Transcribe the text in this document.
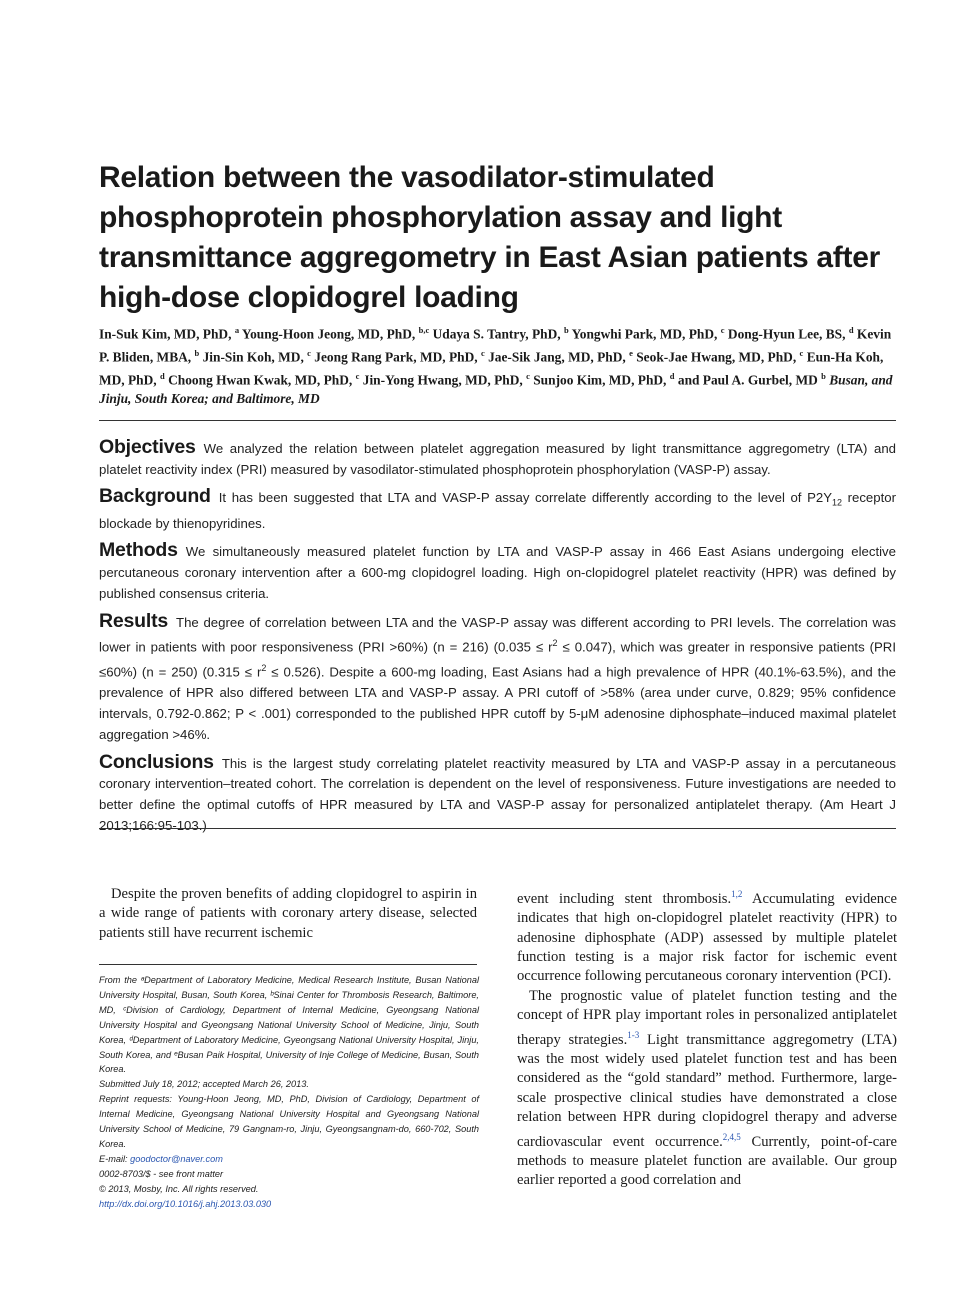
Relation between the vasodilator-stimulated phosphoprotein phosphorylation assay and light transmittance aggregometry in East Asian patients after high-dose clopidogrel loading
In-Suk Kim, MD, PhD, $^a$ Young-Hoon Jeong, MD, PhD, $^{b,c}$ Udaya S. Tantry, PhD, $^b$ Yongwhi Park, MD, PhD, $^c$ Dong-Hyun Lee, BS, $^d$ Kevin P. Bliden, MBA, $^b$ Jin-Sin Koh, MD, $^c$ Jeong Rang Park, MD, PhD, $^c$ Jae-Sik Jang, MD, PhD, $^e$ Seok-Jae Hwang, MD, PhD, $^c$ Eun-Ha Koh, MD, PhD, $^d$ Choong Hwan Kwak, MD, PhD, $^c$ Jin-Yong Hwang, MD, PhD, $^c$ Sunjoo Kim, MD, PhD, $^d$ and Paul A. Gurbel, MD $^b$ Busan, and Jinju, South Korea; and Baltimore, MD

Objectives We analyzed the relation between platelet aggregation measured by light transmittance aggregometry (LTA) and platelet reactivity index (PRI) measured by vasodilator-stimulated phosphoprotein phosphorylation (VASP-P) assay.

Background It has been suggested that LTA and VASP-P assay correlate differently according to the level of $P2Y_{12}$ receptor blockade by thienopyridines.

Methods We simultaneously measured platelet function by LTA and VASP-P assay in 466 East Asians undergoing elective percutaneous coronary intervention after a 600-mg clopidogrel loading. High on-clopidogrel platelet reactivity (HPR) was defined by published consensus criteria.

Results The degree of correlation between LTA and the VASP-P assay was different according to PRI levels. The correlation was lower in patients with poor responsiveness (PRI >60%) (n = 216) $(0.035 \le r^2 \le 0.047)$, which was greater in responsive patients (PRI ≤60%) (n = 250) $(0.315 \le r^2 \le 0.526)$. Despite a 600-mg loading, East Asians had a high prevalence of HPR (40.1%-63.5%), and the prevalence of HPR also differed between LTA and VASP-P assay. A PRI cutoff of >58% (area under curve, 0.829; 95% confidence intervals, 0.792-0.862; P < .001) corresponded to the published HPR cutoff by 5-μM adenosine diphosphate–induced maximal platelet aggregation >46%.

Conclusions This is the largest study correlating platelet reactivity measured by LTA and VASP-P assay in a percutaneous coronary intervention–treated cohort. The correlation is dependent on the level of responsiveness. Future investigations are needed to better define the optimal cutoffs of HPR measured by LTA and VASP-P assay for personalized antiplatelet therapy. (Am Heart J 2013;166:95-103.)

Despite the proven benefits of adding clopidogrel to aspirin in a wide range of patients with coronary artery disease, selected patients still have recurrent ischemic

From the ᵃDepartment of Laboratory Medicine, Medical Research Institute, Busan National University Hospital, Busan, South Korea, ᵇSinai Center for Thrombosis Research, Baltimore, MD, ᶜDivision of Cardiology, Department of Internal Medicine, Gyeongsang National University Hospital and Gyeongsang National University School of Medicine, Jinju, South Korea, ᵈDepartment of Laboratory Medicine, Gyeongsang National University Hospital, Jinju, South Korea, and ᵉBusan Paik Hospital, University of Inje College of Medicine, Busan, South Korea.

Submitted July 18, 2012; accepted March 26, 2013.

Reprint requests: Young-Hoon Jeong, MD, PhD, Division of Cardiology, Department of Internal Medicine, Gyeongsang National University Hospital and Gyeongsang National University School of Medicine, 79 Gangnam-ro, Jinju, Gyeongsangnam-do, 660-702, South Korea.

E-mail: goodoctor@naver.com

0002-8703/$ - see front matter

© 2013, Mosby, Inc. All rights reserved.

http://dx.doi.org/10.1016/j.ahj.2013.03.030

event including stent thrombosis.$^{1,2}$ Accumulating evidence indicates that high on-clopidogrel platelet reactivity (HPR) to adenosine diphosphate (ADP) assessed by multiple platelet function testing is a major risk factor for ischemic event occurrence following percutaneous coronary intervention (PCI).

The prognostic value of platelet function testing and the concept of HPR play important roles in personalized antiplatelet therapy strategies.$^{1-3}$ Light transmittance aggregometry (LTA) was the most widely used platelet function test and has been considered as the “gold standard” method. Furthermore, large-scale prospective clinical studies have demonstrated a close relation between HPR during clopidogrel therapy and adverse cardiovascular event occurrence.$^{2,4,5}$ Currently, point-of-care methods to measure platelet function are available. Our group earlier reported a good correlation and
